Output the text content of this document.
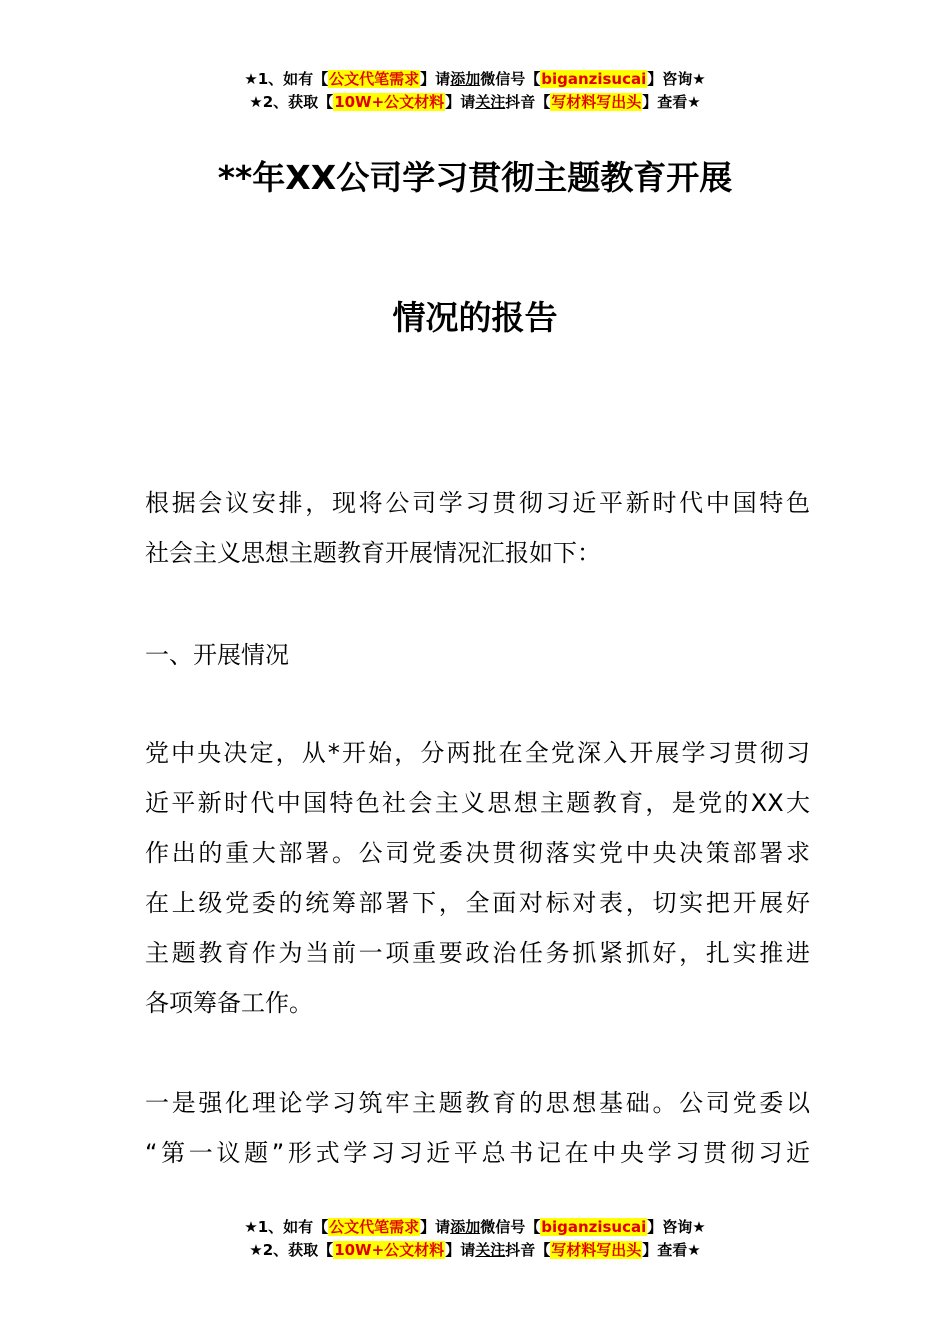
★1、如有【公文代笔需求】请添加微信号【biganzisucai】咨询★
★2、获取【10W+公文材料】请关注抖音【写材料写出头】查看★
**年XX公司学习贯彻主题教育开展
情况的报告
根据会议安排，现将公司学习贯彻习近平新时代中国特色
社会主义思想主题教育开展情况汇报如下：
一、开展情况
党中央决定，从*开始，分两批在全党深入开展学习贯彻习
近平新时代中国特色社会主义思想主题教育，是党的XX大
作出的重大部署。公司党委决贯彻落实党中央决策部署求
在上级党委的统筹部署下，全面对标对表，切实把开展好
主题教育作为当前一项重要政治任务抓紧抓好，扎实推进
各项筹备工作。
一是强化理论学习筑牢主题教育的思想基础。公司党委以
“第一议题”形式学习习近平总书记在中央学习贯彻习近
★1、如有【公文代笔需求】请添加微信号【biganzisucai】咨询★
★2、获取【10W+公文材料】请关注抖音【写材料写出头】查看★
